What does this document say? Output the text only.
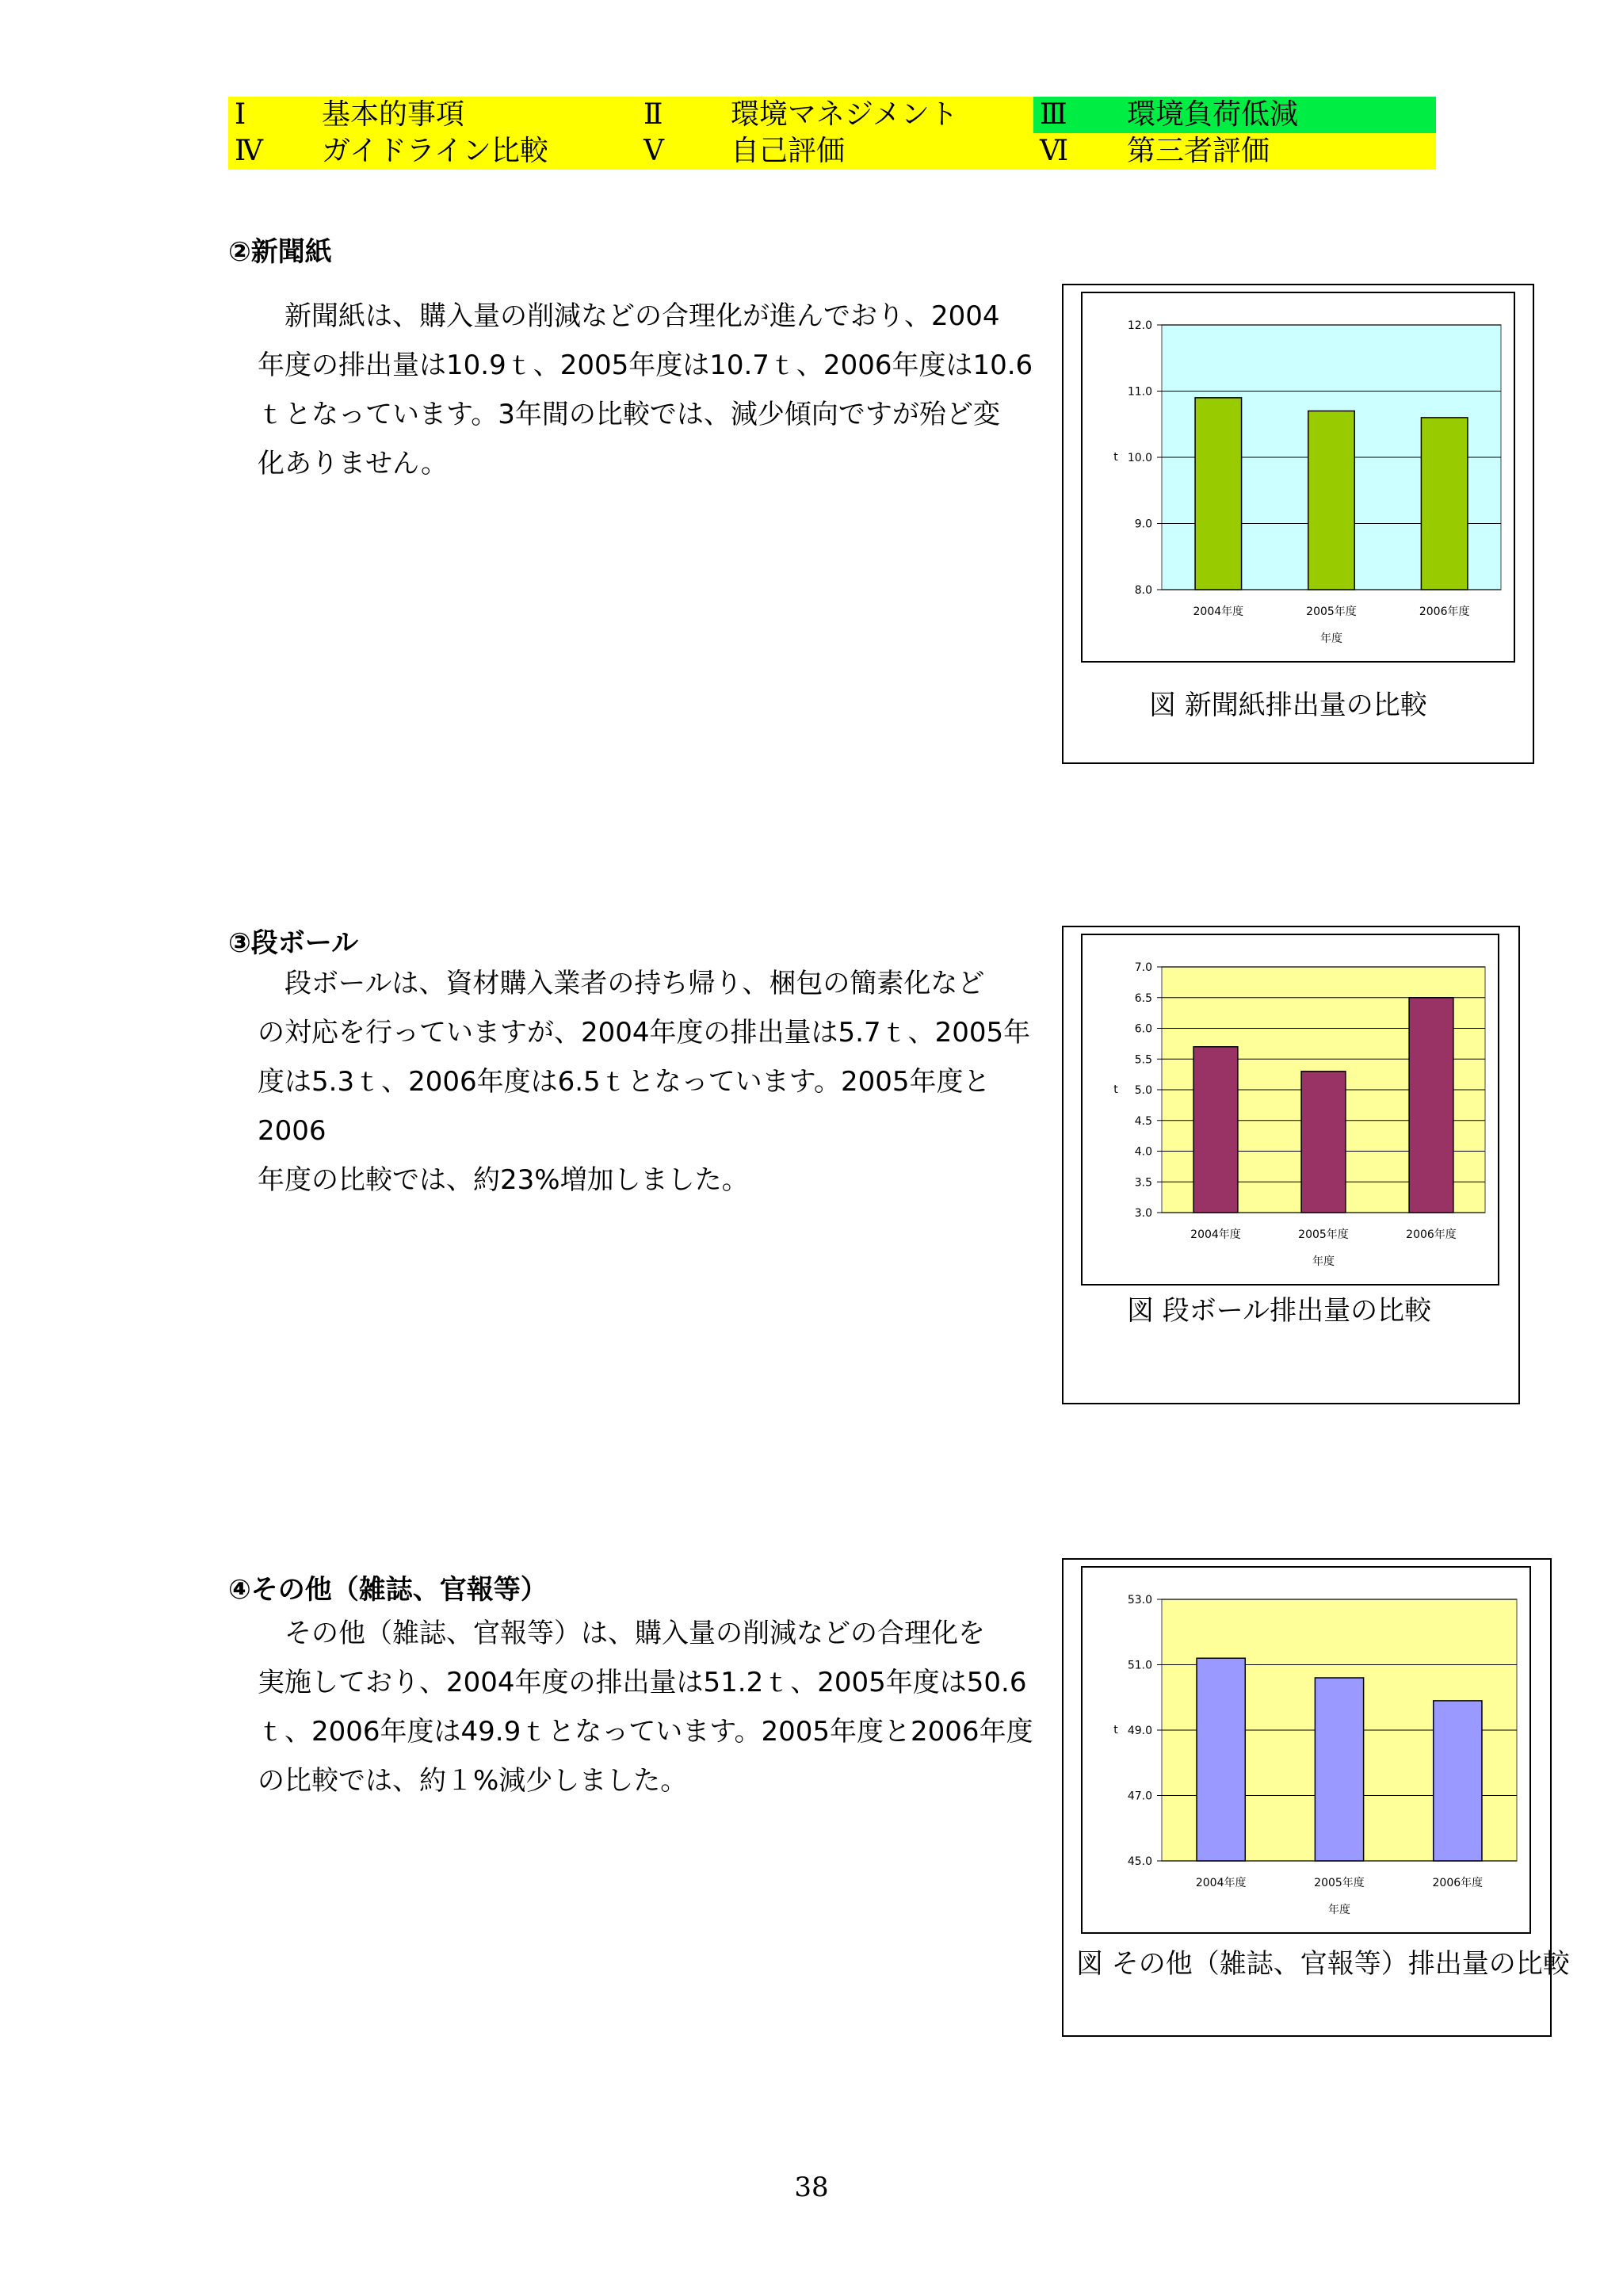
Ⅰ	基本的事項	Ⅱ	環境マネジメント	Ⅲ	環境負荷低減
Ⅳ	ガイドライン比較	Ⅴ	自己評価	Ⅵ	第三者評価
②新聞紙
　新聞紙は、購入量の削減などの合理化が進んでおり、2004
年度の排出量は10.9ｔ、2005年度は10.7ｔ、2006年度は10.6
ｔとなっています。3年間の比較では、減少傾向ですが殆ど変
化ありません。
8.0
9.0
10.0
11.0
12.0
2004年度	2005年度	2006年度
年度
t
図 新聞紙排出量の比較
③段ボール
　段ボールは、資材購入業者の持ち帰り、梱包の簡素化など
の対応を行っていますが、2004年度の排出量は5.7ｔ、2005年
度は5.3ｔ、2006年度は6.5ｔとなっています。2005年度と2006
年度の比較では、約23%増加しました。
3.0
3.5
4.0
4.5
5.0
5.5
6.0
6.5
7.0
2004年度	2005年度	2006年度
年度
t
図 段ボール排出量の比較
④その他（雑誌、官報等）
　その他（雑誌、官報等）は、購入量の削減などの合理化を
実施しており、2004年度の排出量は51.2ｔ、2005年度は50.6
ｔ、2006年度は49.9ｔとなっています。2005年度と2006年度
の比較では、約１%減少しました。
45.0
47.0
49.0
51.0
53.0
2004年度	2005年度	2006年度
年度
t
図 その他（雑誌、官報等）排出量の比較
38
